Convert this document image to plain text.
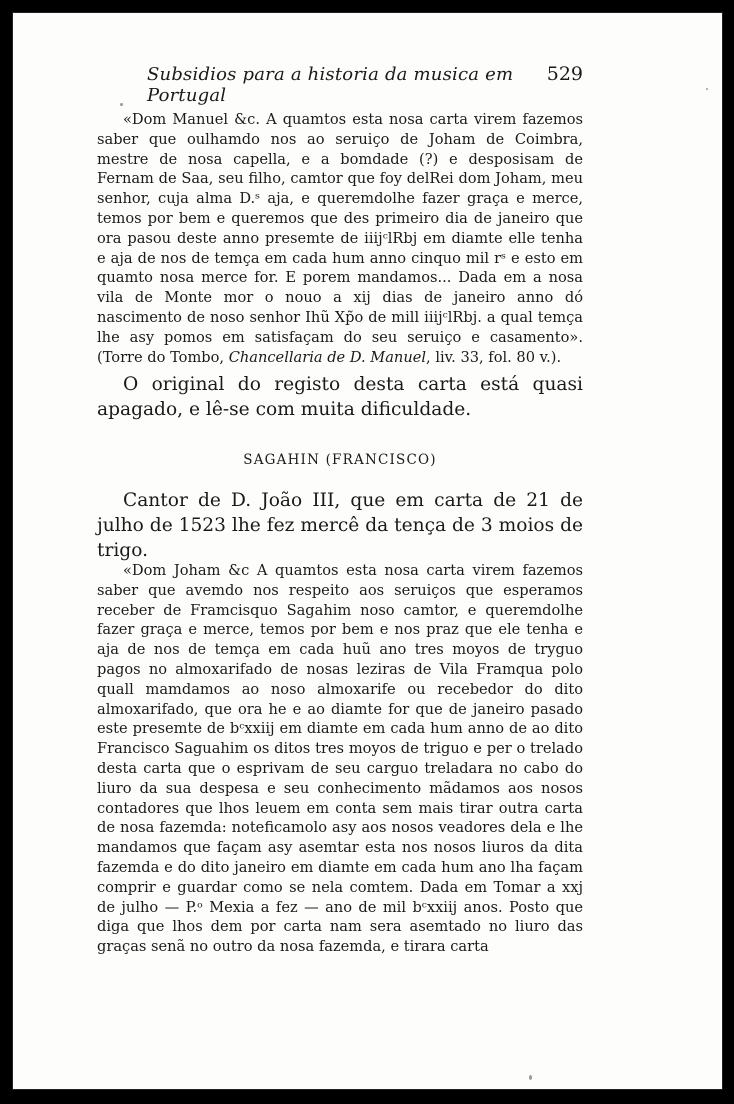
Subsidios para a historia da musica em Portugal
529

«Dom Manuel &c. A quamtos esta nosa carta virem fazemos saber que oulhamdo nos ao seruiço de Joham de Coimbra, mestre de nosa capella, e a bomdade (?) e desposisam de Fernam de Saa, seu filho, camtor que foy delRei dom Joham, meu senhor, cuja alma D.ˢ aja, e queremdolhe fazer graça e merce, temos por bem e queremos que des primeiro dia de janeiro que ora pasou deste anno presemte de iiijᶜlRbj em diamte elle tenha e aja de nos de temça em cada hum anno cinquo mil rˢ e esto em quamto nosa merce for. E porem mandamos... Dada em a nosa vila de Monte mor o nouo a xij dias de janeiro anno dó nascimento de noso senhor Ihũ Xp̃o de mill iiijᶜlRbj. a qual temça lhe asy pomos em satisfaçam do seu seruiço e casamento». (Torre do Tombo, Chancellaria de D. Manuel, liv. 33, fol. 80 v.).

O original do registo desta carta está quasi apagado, e lê-se com muita dificuldade.

SAGAHIN (FRANCISCO)

Cantor de D. João III, que em carta de 21 de julho de 1523 lhe fez mercê da tença de 3 moios de trigo.

«Dom Joham &c A quamtos esta nosa carta virem fazemos saber que avemdo nos respeito aos seruiços que esperamos receber de Framcisquo Sagahim noso camtor, e queremdolhe fazer graça e merce, temos por bem e nos praz que ele tenha e aja de nos de temça em cada huũ ano tres moyos de tryguo pagos no almoxarifado de nosas leziras de Vila Framqua polo quall mamdamos ao noso almoxarife ou recebedor do dito almoxarifado, que ora he e ao diamte for que de janeiro pasado este presemte de bᶜxxiij em diamte em cada hum anno de ao dito Francisco Saguahim os ditos tres moyos de triguo e per o trelado desta carta que o esprivam de seu carguo treladara no cabo do liuro da sua despesa e seu conhecimento mãdamos aos nosos contadores que lhos leuem em conta sem mais tirar outra carta de nosa fazemda: noteficamolo asy aos nosos veadores dela e lhe mandamos que façam asy asemtar esta nos nosos liuros da dita fazemda e do dito janeiro em diamte em cada hum ano lha façam comprir e guardar como se nela comtem. Dada em Tomar a xxj de julho — P.ᵒ Mexia a fez — ano de mil bᶜxxiij anos. Posto que diga que lhos dem por carta nam sera asemtado no liuro das graças senã no outro da nosa fazemda, e tirara carta
